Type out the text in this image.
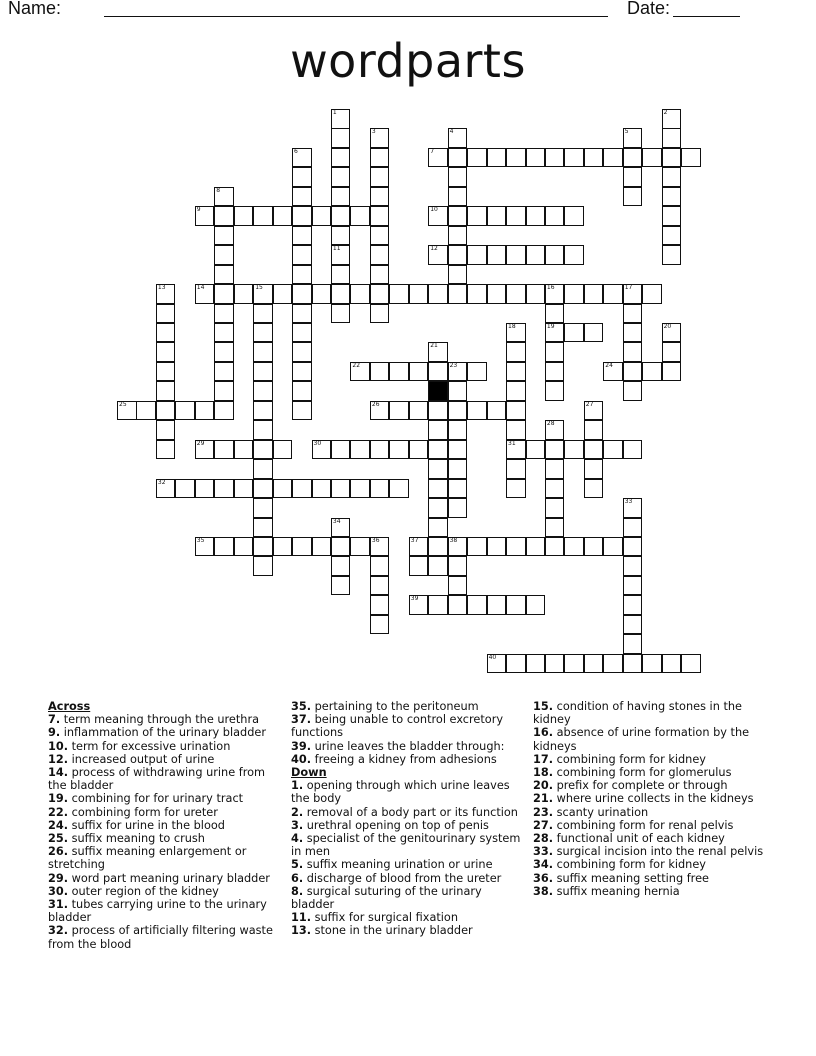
Name:	Date:
wordparts
7
9	10
12
14	15	16	17
19
22	23	24
25	26
29	30	31
32
35	36	38
39
40
1
11
2
3	4	5
6
8
13
18	20
21
27
28
33
34
37
Across
7. term meaning through the urethra
9. inflammation of the urinary bladder
10. term for excessive urination
12. increased output of urine
14. process of withdrawing urine from the bladder
19. combining for for urinary tract
22. combining form for ureter
24. suffix for urine in the blood
25. suffix meaning to crush
26. suffix meaning enlargement or stretching
29. word part meaning urinary bladder
30. outer region of the kidney
31. tubes carrying urine to the urinary bladder
32. process of artificially filtering waste from the blood
35. pertaining to the peritoneum
37. being unable to control excretory functions
39. urine leaves the bladder through:
40. freeing a kidney from adhesions
Down
1. opening through which urine leaves the body
2. removal of a body part or its function
3. urethral opening on top of penis
4. specialist of the genitourinary system in men
5. suffix meaning urination or urine
6. discharge of blood from the ureter
8. surgical suturing of the urinary bladder
11. suffix for surgical fixation
13. stone in the urinary bladder
15. condition of having stones in the kidney
16. absence of urine formation by the kidneys
17. combining form for kidney
18. combining form for glomerulus
20. prefix for complete or through
21. where urine collects in the kidneys
23. scanty urination
27. combining form for renal pelvis
28. functional unit of each kidney
33. surgical incision into the renal pelvis
34. combining form for kidney
36. suffix meaning setting free
38. suffix meaning hernia
